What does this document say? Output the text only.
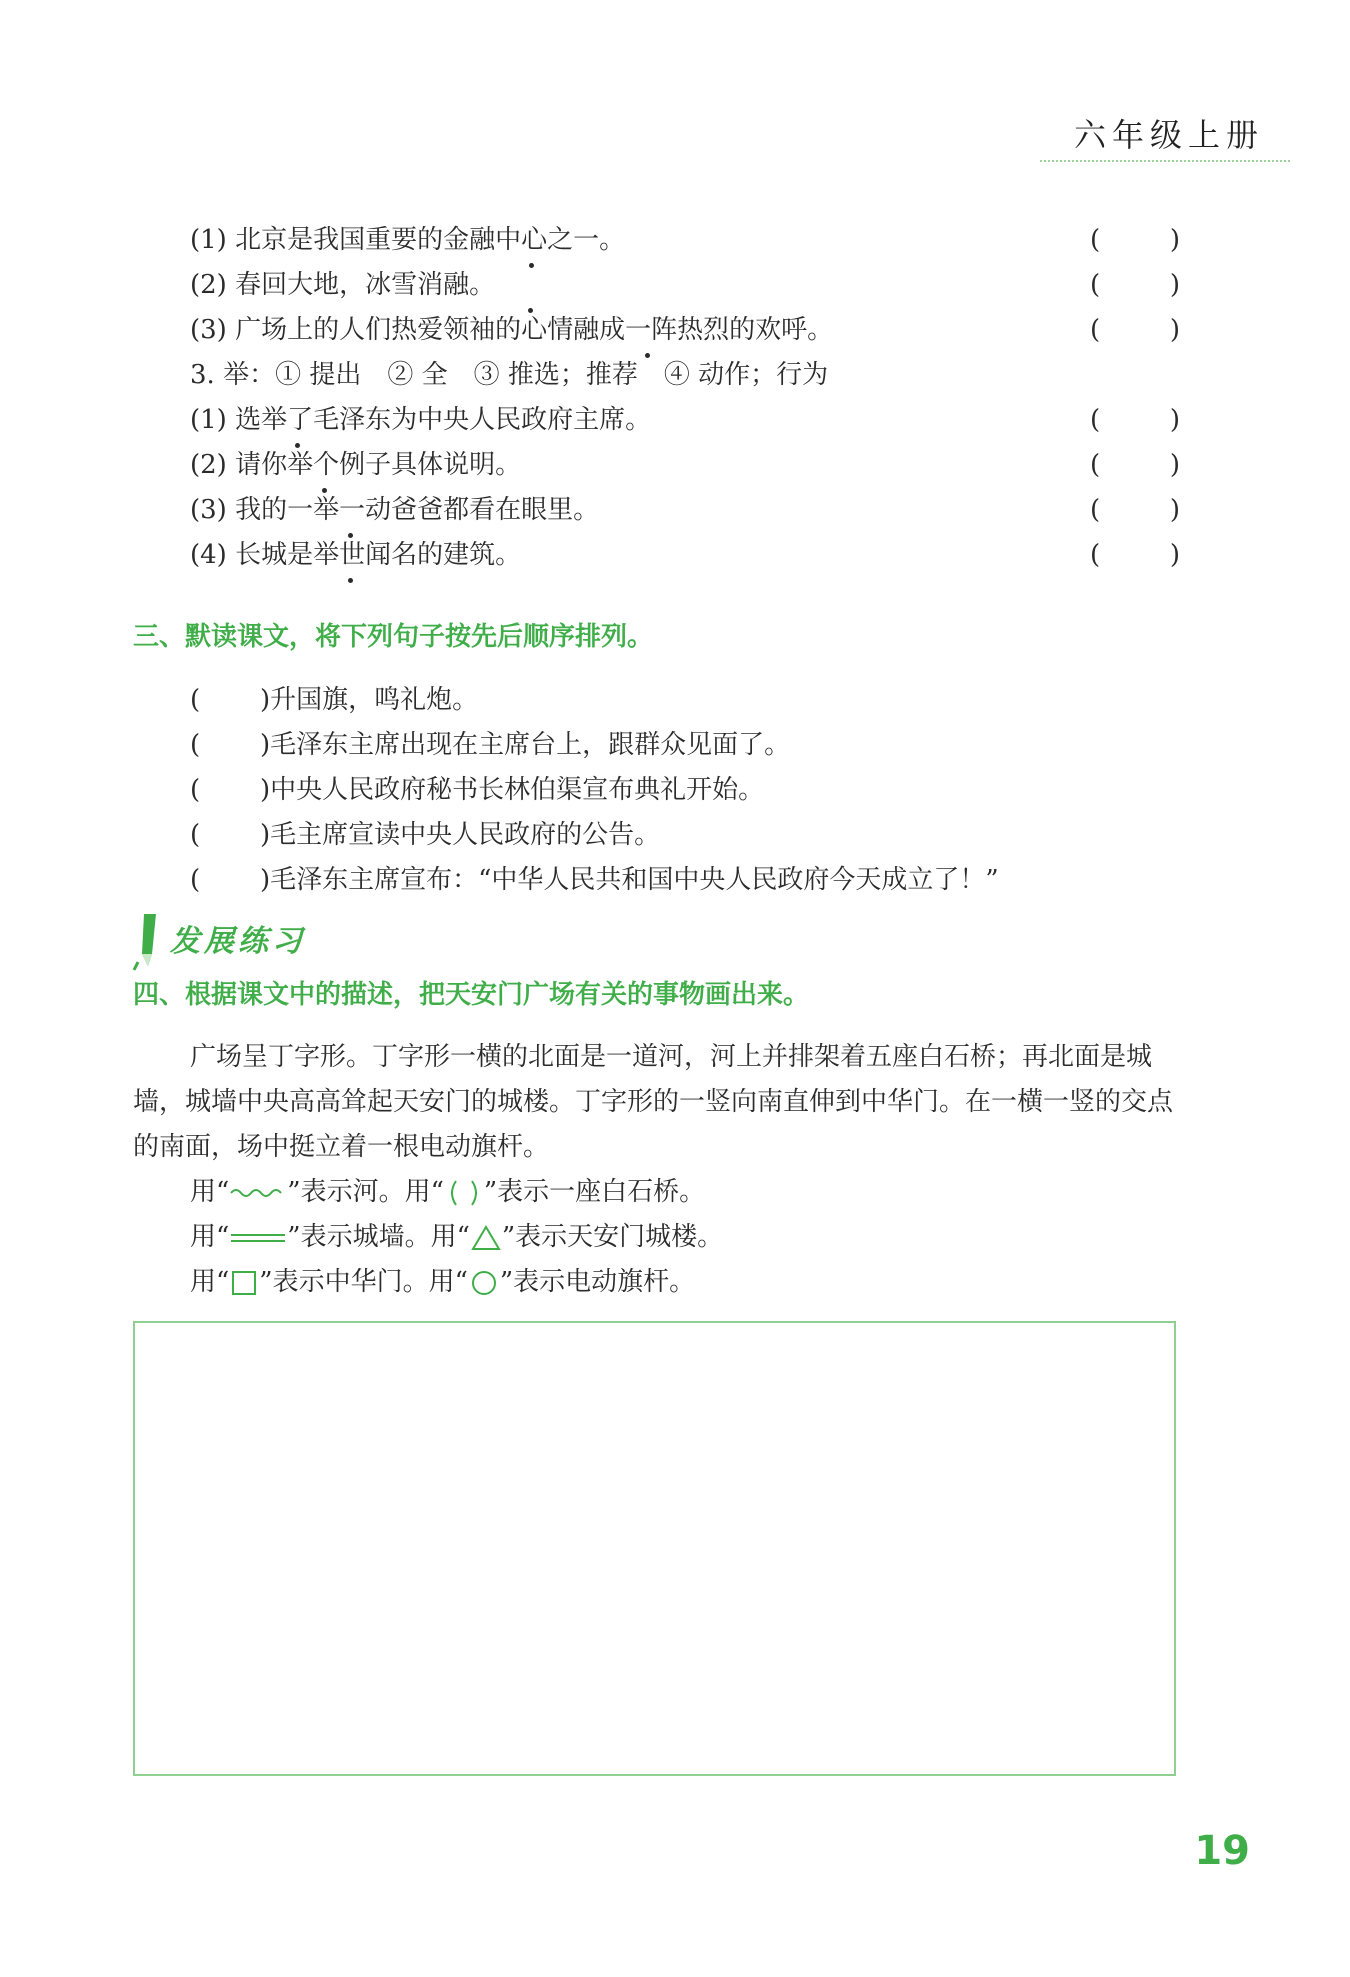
六年级上册
(1) 北京是我国重要的金融中心之一。	(	)
(2) 春回大地，冰雪消融。	(	)
(3) 广场上的人们热爱领袖的心情融成一阵热烈的欢呼。	(	)
3. 举：① 提出　② 全　③ 推选；推荐　④ 动作；行为
(1) 选举了毛泽东为中央人民政府主席。	(	)
(2) 请你举个例子具体说明。	(	)
(3) 我的一举一动爸爸都看在眼里。	(	)
(4) 长城是举世闻名的建筑。	(	)
三、默读课文，将下列句子按先后顺序排列。
( )升国旗，鸣礼炮。
( )毛泽东主席出现在主席台上，跟群众见面了。
( )中央人民政府秘书长林伯渠宣布典礼开始。
( )毛主席宣读中央人民政府的公告。
( )毛泽东主席宣布：“中华人民共和国中央人民政府今天成立了！”
发展练习
四、根据课文中的描述，把天安门广场有关的事物画出来。
广场呈丁字形。丁字形一横的北面是一道河，河上并排架着五座白石桥；再北面是城墙，城墙中央高高耸起天安门的城楼。丁字形的一竖向南直伸到中华门。在一横一竖的交点的南面，场中挺立着一根电动旗杆。
用“ ”表示河。用“ ”表示一座白石桥。
用“ ”表示城墙。用“ ”表示天安门城楼。
用“ ”表示中华门。用“ ”表示电动旗杆。
19
